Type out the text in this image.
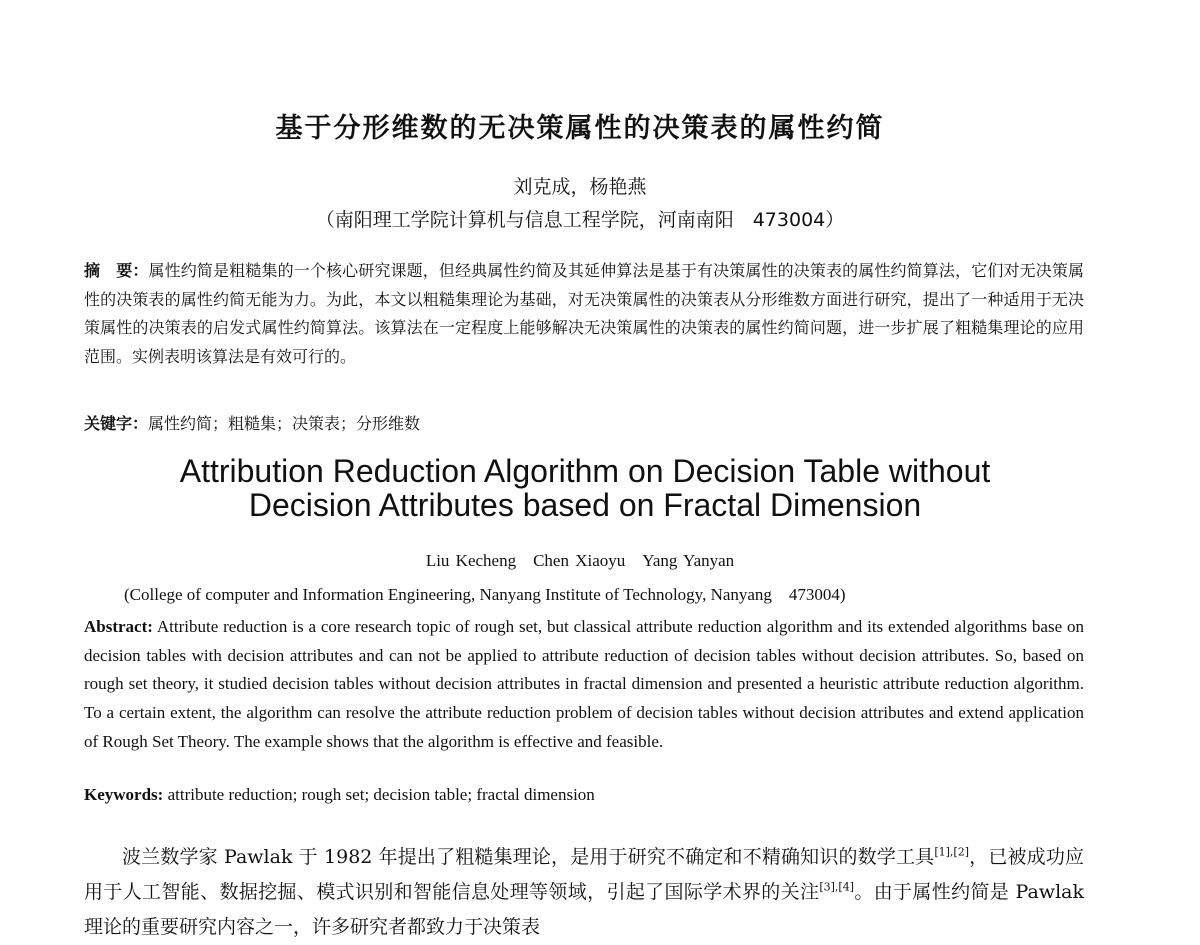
基于分形维数的无决策属性的决策表的属性约简
刘克成，杨艳燕
（南阳理工学院计算机与信息工程学院，河南南阳　473004）
摘　要：属性约简是粗糙集的一个核心研究课题，但经典属性约简及其延伸算法是基于有决策属性的决策表的属性约简算法，它们对无决策属性的决策表的属性约简无能为力。为此，本文以粗糙集理论为基础，对无决策属性的决策表从分形维数方面进行研究，提出了一种适用于无决策属性的决策表的启发式属性约简算法。该算法在一定程度上能够解决无决策属性的决策表的属性约简问题，进一步扩展了粗糙集理论的应用范围。实例表明该算法是有效可行的。
关键字：属性约简；粗糙集；决策表；分形维数
Attribution Reduction Algorithm on Decision Table without
Decision Attributes based on Fractal Dimension
Liu Kecheng　Chen Xiaoyu　Yang Yanyan
(College of computer and Information Engineering, Nanyang Institute of Technology, Nanyang　473004)
Abstract: Attribute reduction is a core research topic of rough set, but classical attribute reduction algorithm and its extended algorithms base on decision tables with decision attributes and can not be applied to attribute reduction of decision tables without decision attributes. So, based on rough set theory, it studied decision tables without decision attributes in fractal dimension and presented a heuristic attribute reduction algorithm. To a certain extent, the algorithm can resolve the attribute reduction problem of decision tables without decision attributes and extend application of Rough Set Theory. The example shows that the algorithm is effective and feasible.
Keywords: attribute reduction; rough set; decision table; fractal dimension
波兰数学家 Pawlak 于 1982 年提出了粗糙集理论，是用于研究不确定和不精确知识的数学工具[1],[2]，已被成功应用于人工智能、数据挖掘、模式识别和智能信息处理等领域，引起了国际学术界的关注[3],[4]。由于属性约简是 Pawlak 理论的重要研究内容之一，许多研究者都致力于决策表
